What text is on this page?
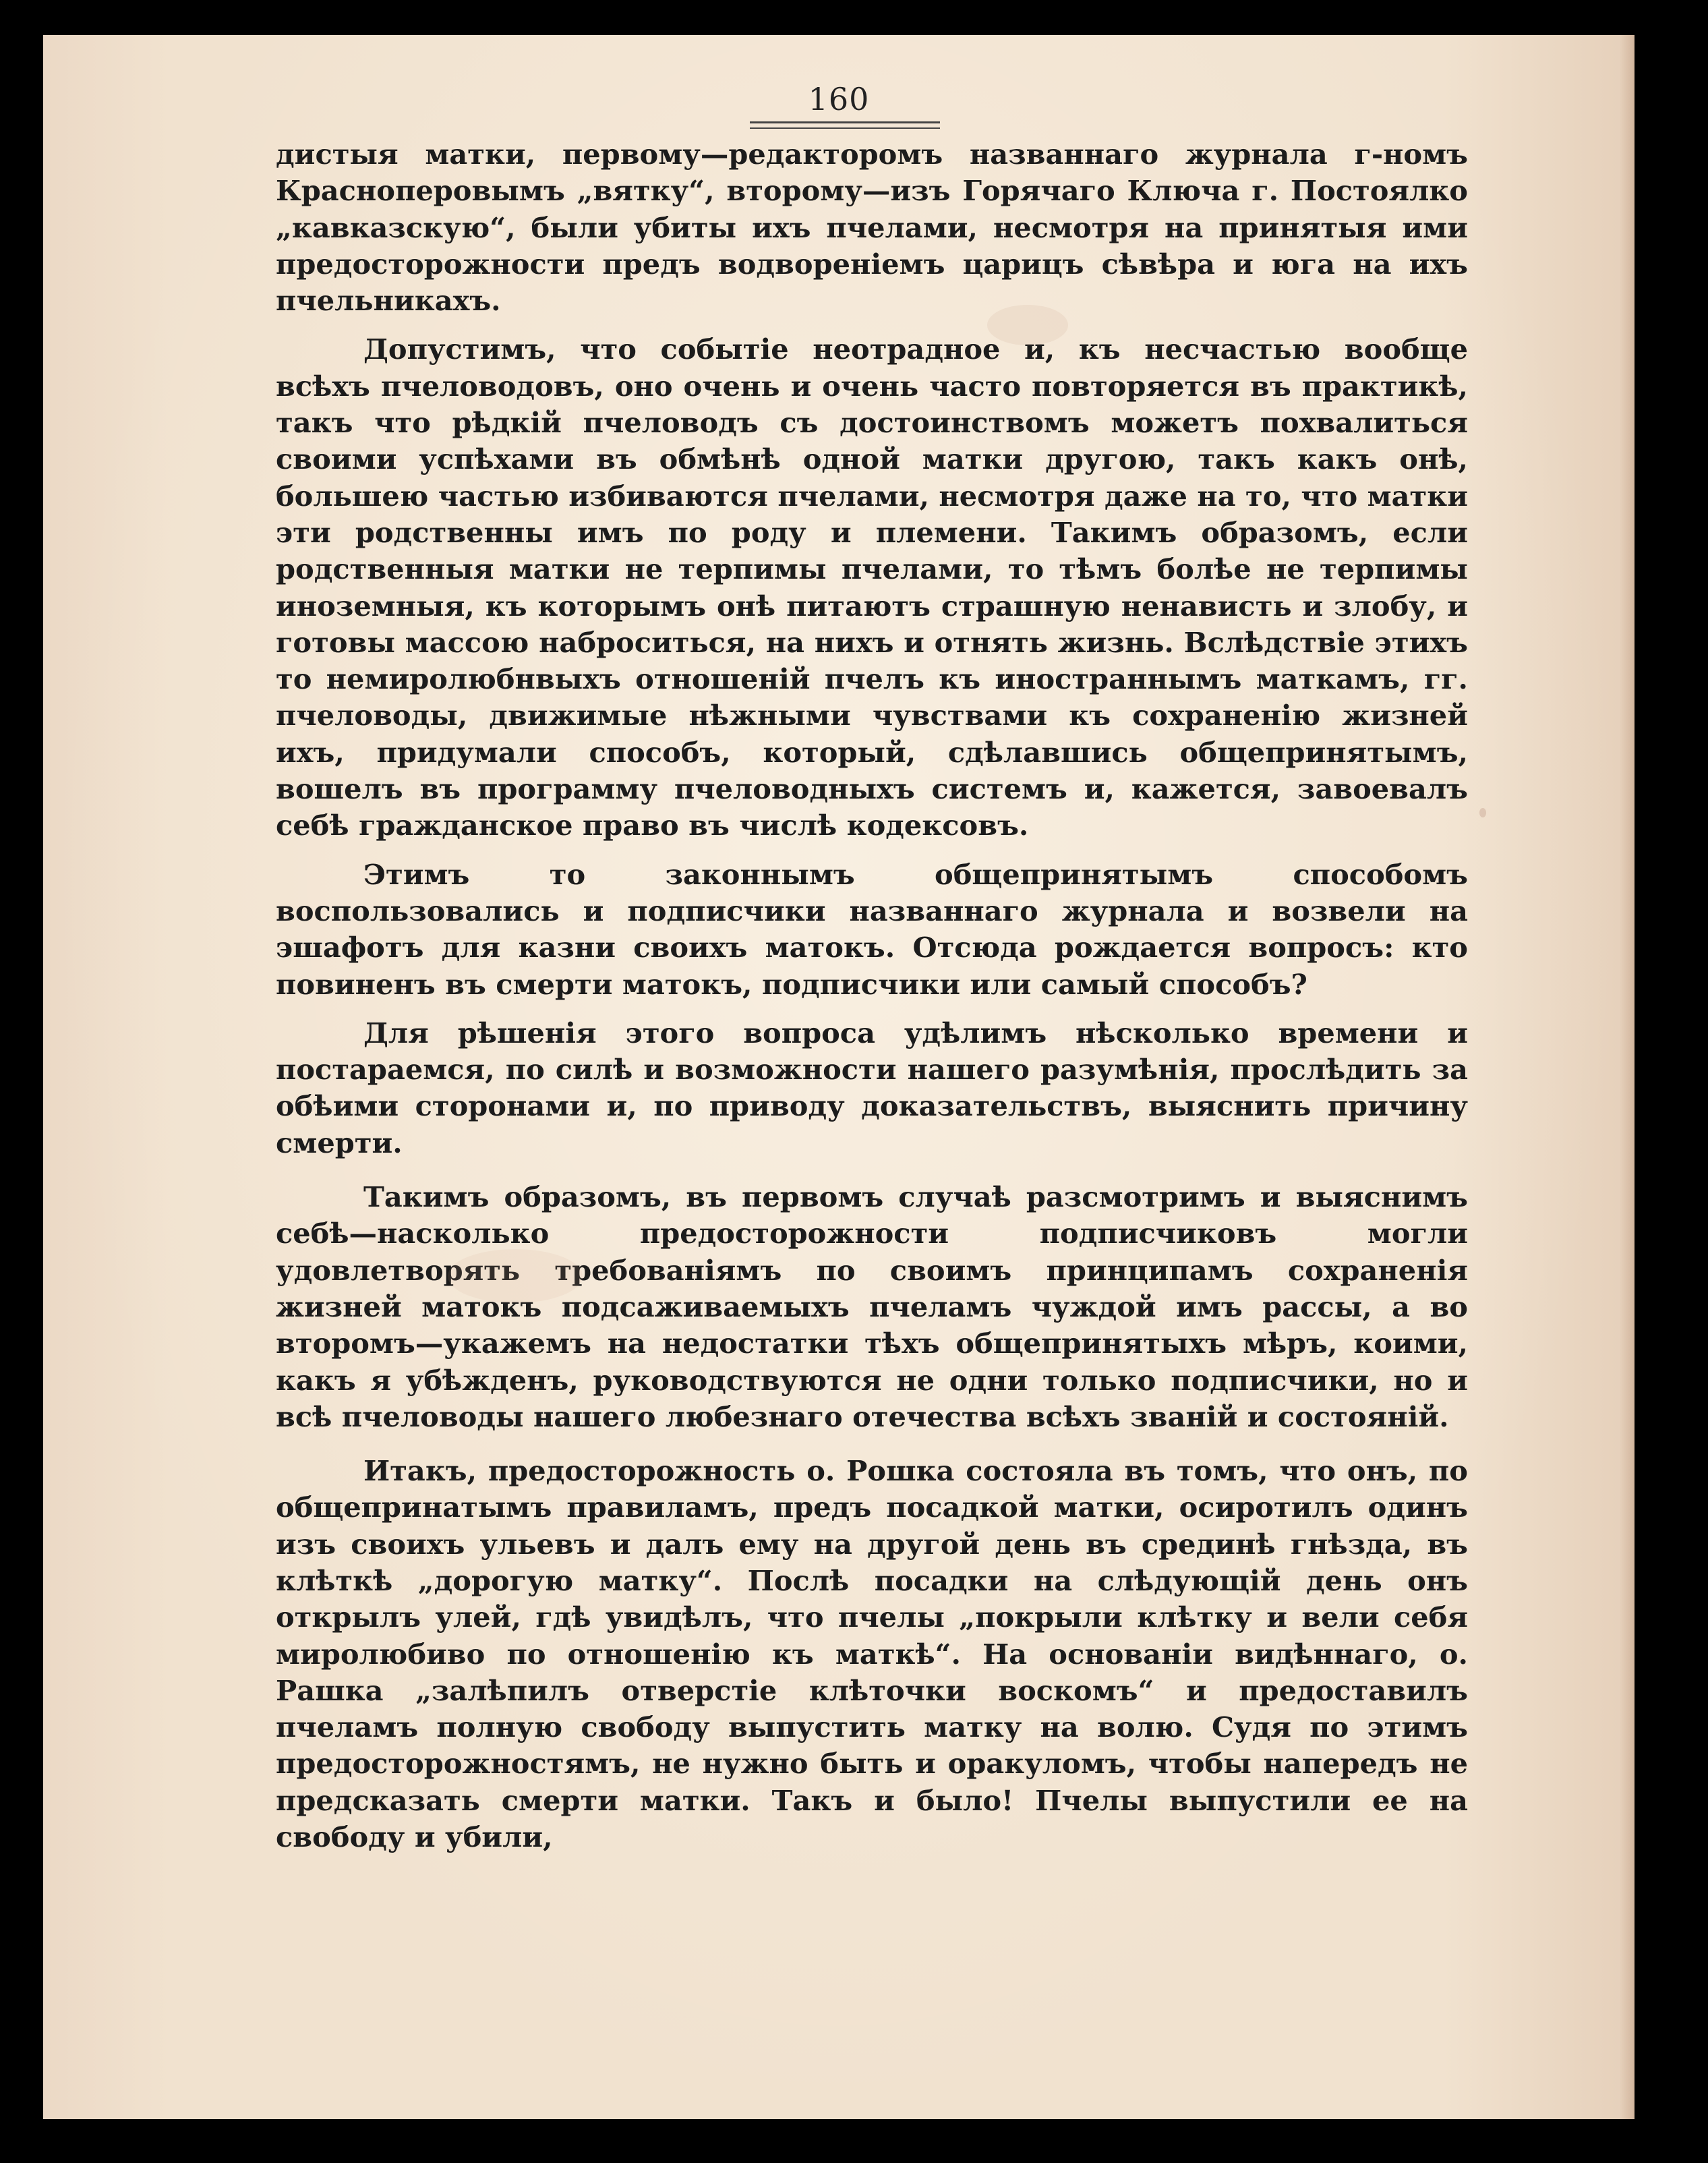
160

дистыя матки, первому—редакторомъ названнаго журнала г-номъ Красноперовымъ „вятку“, второму—изъ Горячаго Ключа г. Постоялко „кавказскую“, были убиты ихъ пчелами, несмотря на принятыя ими предосторожности предъ водвореніемъ царицъ сѣвѣра и юга на ихъ пчельникахъ.

Допустимъ, что событіе неотрадное и, къ несчастью вообще всѣхъ пчеловодовъ, оно очень и очень часто повторяется въ практикѣ, такъ что рѣдкій пчеловодъ съ достоинствомъ можетъ похвалиться своими успѣхами въ обмѣнѣ одной матки другою, такъ какъ онѣ, большею частью избиваются пчелами, несмотря даже на то, что матки эти родственны имъ по роду и племени. Такимъ образомъ, если родственныя матки не терпимы пчелами, то тѣмъ болѣе не терпимы иноземныя, къ которымъ онѣ питаютъ страшную ненависть и злобу, и готовы массою наброситься, на нихъ и отнять жизнь. Вслѣдствіе этихъ то немиролюбнвыхъ отношеній пчелъ къ иностраннымъ маткамъ, гг. пчеловоды, движимые нѣжными чувствами къ сохраненію жизней ихъ, придумали способъ, который, сдѣлавшись общепринятымъ, вошелъ въ программу пчеловодныхъ системъ и, кажется, завоевалъ себѣ гражданское право въ числѣ кодексовъ.

Этимъ то законнымъ общепринятымъ способомъ воспользовались и подписчики названнаго журнала и возвели на эшафотъ для казни своихъ матокъ. Отсюда рождается вопросъ: кто повиненъ въ смерти матокъ, подписчики или самый способъ?

Для рѣшенія этого вопроса удѣлимъ нѣсколько времени и постараемся, по силѣ и возможности нашего разумѣнія, прослѣдить за обѣими сторонами и, по приводу доказательствъ, выяснить причину смерти.

Такимъ образомъ, въ первомъ случаѣ разсмотримъ и выяснимъ себѣ—насколько предосторожности подписчиковъ могли удовлетворять требованіямъ по своимъ принципамъ сохраненія жизней матокъ подсаживаемыхъ пчеламъ чуждой имъ рассы, а во второмъ—укажемъ на недостатки тѣхъ общепринятыхъ мѣръ, коими, какъ я убѣжденъ, руководствуются не одни только подписчики, но и всѣ пчеловоды нашего любезнаго отечества всѣхъ званій и состояній.

Итакъ, предосторожность о. Рошка состояла въ томъ, что онъ, по общепринатымъ правиламъ, предъ посадкой матки, осиротилъ одинъ изъ своихъ ульевъ и далъ ему на другой день въ срединѣ гнѣзда, въ клѣткѣ „дорогую матку“. Послѣ посадки на слѣдующій день онъ открылъ улей, гдѣ увидѣлъ, что пчелы „покрыли клѣтку и вели себя миролюбиво по отношенію къ маткѣ“. На основаніи видѣннаго, о. Рашка „залѣпилъ отверстіе клѣточки воскомъ“ и предоставилъ пчеламъ полную свободу выпустить матку на волю. Судя по этимъ предосторожностямъ, не нужно быть и оракуломъ, чтобы напередъ не предсказать смерти матки. Такъ и было! Пчелы выпустили ее на свободу и убили,
